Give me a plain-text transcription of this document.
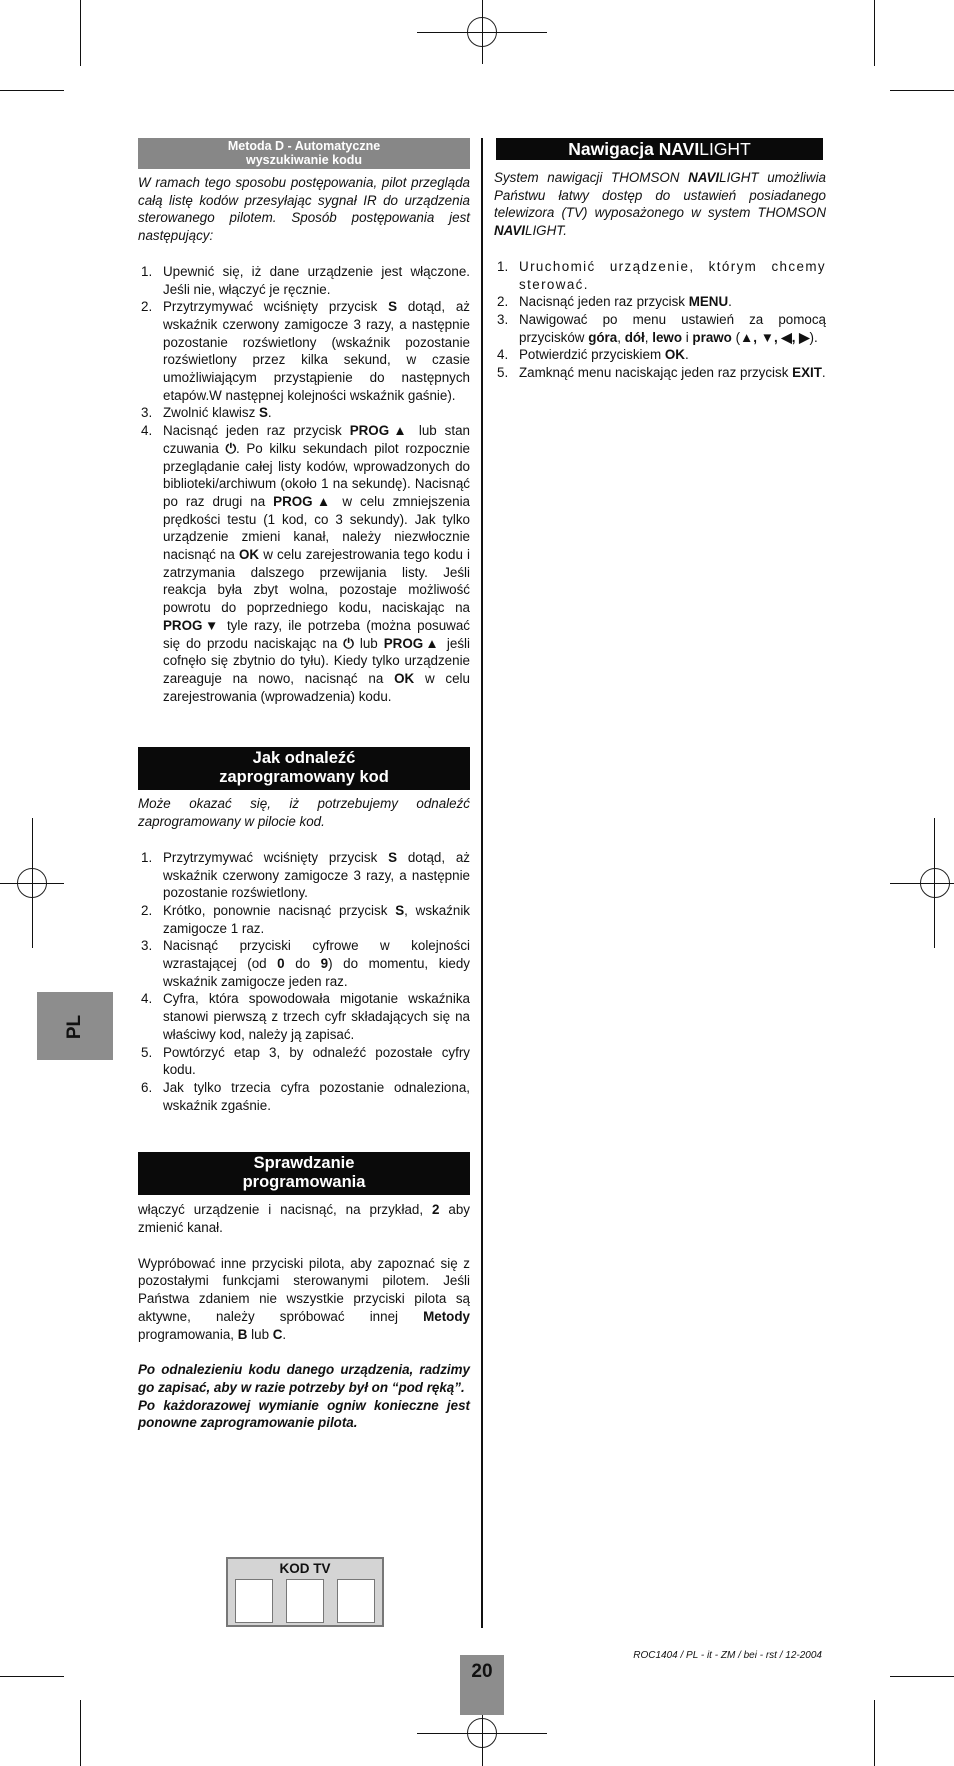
PL
Metoda D - Automatyczne
wyszukiwanie kodu

W ramach tego sposobu postępowania, pilot przegląda całą listę kodów przesyłając sygnał IR do urządzenia sterowanego pilotem. Sposób postępowania jest następujący:

1. Upewnić się, iż dane urządzenie jest włączone. Jeśli nie, włączyć je ręcznie.
2. Przytrzymywać wciśnięty przycisk S dotąd, aż wskaźnik czerwony zamigocze 3 razy, a następnie pozostanie rozświetlony (wskaźnik pozostanie rozświetlony przez kilka sekund, w czasie umożliwiającym przystąpienie do następnych etapów.W następnej kolejności wskaźnik gaśnie).
3. Zwolnić klawisz S.
4. Nacisnąć jeden raz przycisk PROG▲ lub stan czuwania ⏻. Po kilku sekundach pilot rozpocznie przeglądanie całej listy kodów, wprowadzonych do biblioteki/archiwum (około 1 na sekundę). Nacisnąć po raz drugi na PROG▲ w celu zmniejszenia prędkości testu (1 kod, co 3 sekundy). Jak tylko urządzenie zmieni kanał, należy niezwłocznie nacisnąć na OK w celu zarejestrowania tego kodu i zatrzymania dalszego przewijania listy. Jeśli reakcja była zbyt wolna, pozostaje możliwość powrotu do poprzedniego kodu, naciskając na PROG▼ tyle razy, ile potrzeba (można posuwać się do przodu naciskając na ⏻ lub PROG▲ jeśli cofnęło się zbytnio do tyłu). Kiedy tylko urządzenie zareaguje na nowo, nacisnąć na OK w celu zarejestrowania (wprowadzenia) kodu.
Jak odnaleźć
zaprogramowany kod

Może okazać się, iż potrzebujemy odnaleźć zaprogramowany w pilocie kod.

1. Przytrzymywać wciśnięty przycisk S dotąd, aż wskaźnik czerwony zamigocze 3 razy, a następnie pozostanie rozświetlony.
2. Krótko, ponownie nacisnąć przycisk S, wskaźnik zamigocze 1 raz.
3. Nacisnąć przyciski cyfrowe w kolejności wzrastającej (od 0 do 9) do momentu, kiedy wskaźnik zamigocze jeden raz.
4. Cyfra, która spowodowała migotanie wskaźnika stanowi pierwszą z trzech cyfr składających się na właściwy kod, należy ją zapisać.
5. Powtórzyć etap 3, by odnaleźć pozostałe cyfry kodu.
6. Jak tylko trzecia cyfra pozostanie odnaleziona, wskaźnik zgaśnie.
Sprawdzanie
programowania

włączyć urządzenie i nacisnąć, na przykład, 2 aby zmienić kanał.

Wypróbować inne przyciski pilota, aby zapoznać się z pozostałymi funkcjami sterowanymi pilotem. Jeśli Państwa zdaniem nie wszystkie przyciski pilota są aktywne, należy spróbować innej Metody programowania, B lub C.

Po odnalezieniu kodu danego urządzenia, radzimy go zapisać, aby w razie potrzeby był on “pod ręką”.

Po każdorazowej wymianie ogniw konieczne jest ponowne zaprogramowanie pilota.

KOD TV
Nawigacja NAVILIGHT

System nawigacji THOMSON NAVILIGHT umożliwia Państwu łatwy dostęp do ustawień posiadanego telewizora (TV) wyposażonego w system THOMSON NAVILIGHT.

1. Uruchomić urządzenie, którym chcemy sterować.
2. Nacisnąć jeden raz przycisk MENU.
3. Nawigować po menu ustawień za pomocą przycisków góra, dół, lewo i prawo (▲, ▼, ◀, ▶).
4. Potwierdzić przyciskiem OK.
5. Zamknąć menu naciskając jeden raz przycisk EXIT.
ROC1404 / PL - it - ZM / bei - rst / 12-2004
20
